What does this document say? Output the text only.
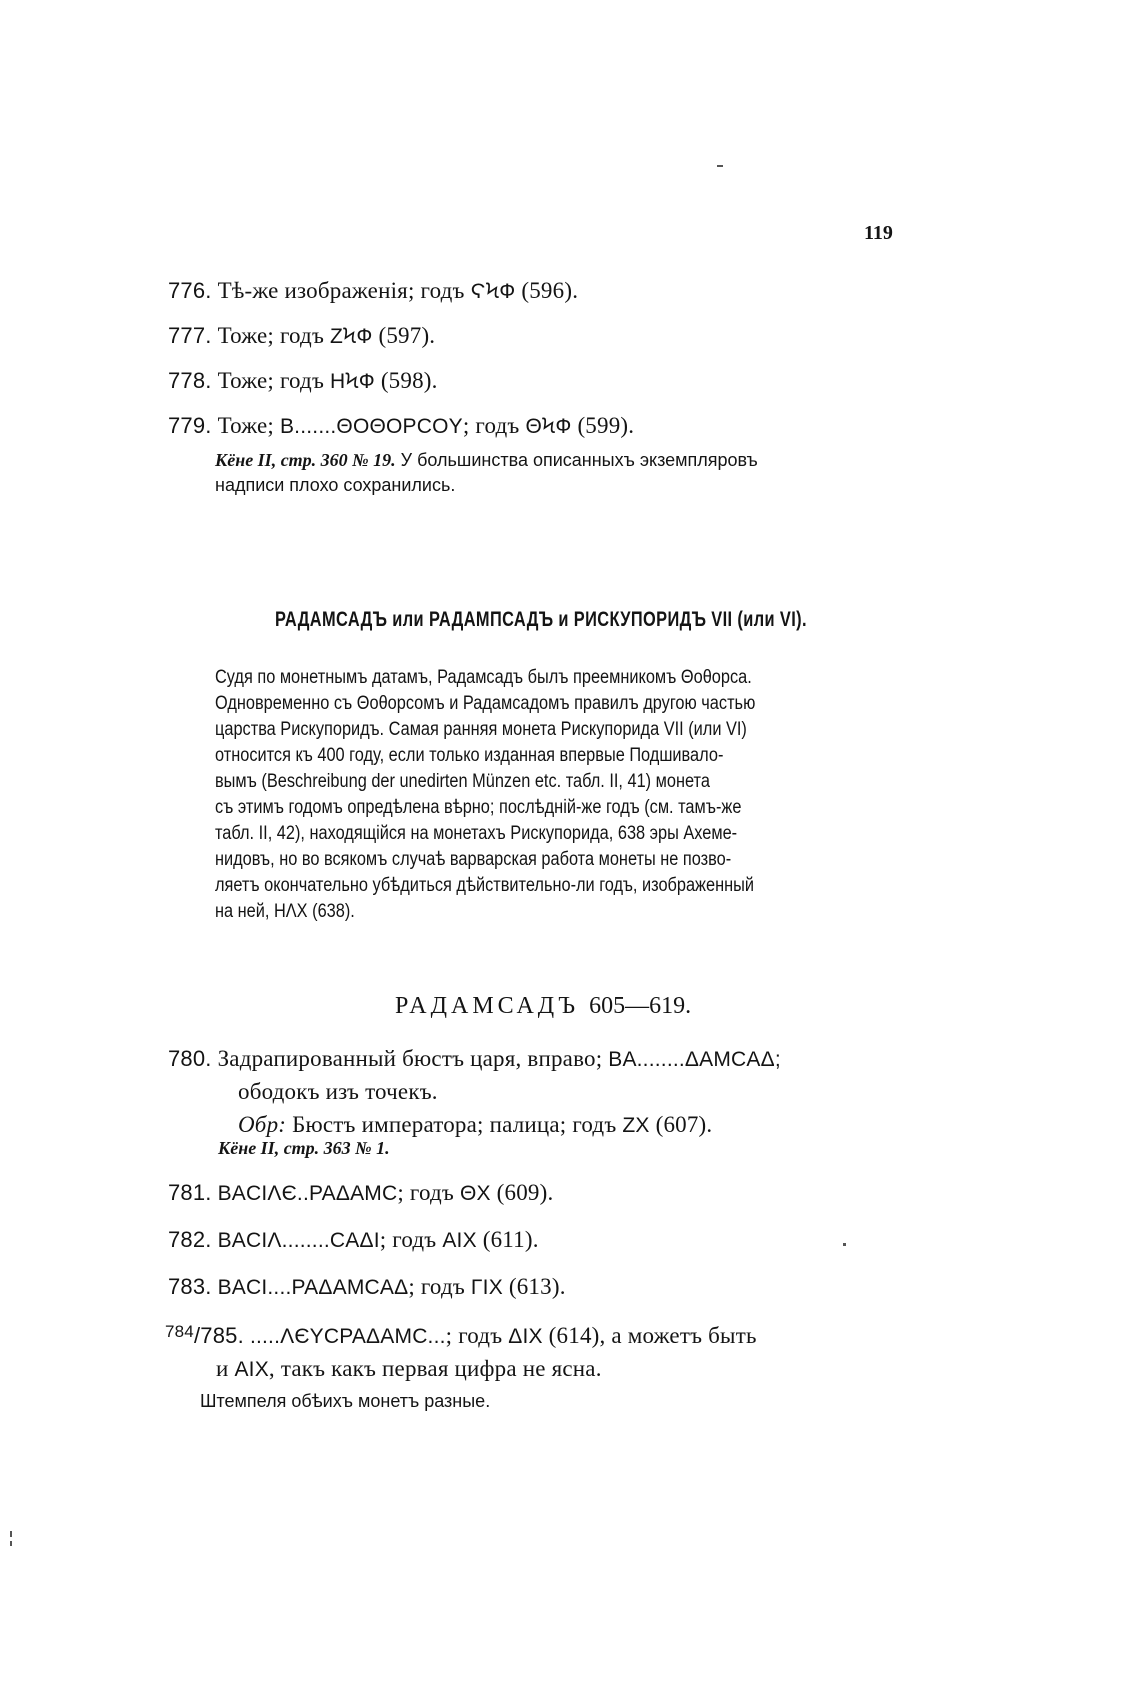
119
776. Тѣ-же изображенія; годъ ϚϞФ (596).
777. Тоже; годъ ZϞФ (597).
778. Тоже; годъ HϞФ (598).
779. Тоже; B.......ΘΟΘΟPCOY; годъ ΘϞФ (599).
Кёне II, стр. 360 № 19. У большинства описанныхъ экземпляровъ
надписи плохо сохранились.
РАДАМСАДЪ или РАДАМПСАДЪ и РИСКУПОРИДЪ VII (или VI).
Судя по монетнымъ датамъ, Радамсадъ былъ преемникомъ Θоθорса.
Одновременно съ Θоθорсомъ и Радамсадомъ правилъ другою частью
царства Рискупоридъ. Самая ранняя монета Рискупорида VII (или VI)
относится къ 400 году, если только изданная впервые Подшивало-
вымъ (Beschreibung der unedirten Münzen etc. табл. II, 41) монета
съ этимъ годомъ опредѣлена вѣрно; послѣдній-же годъ (см. тамъ-же
табл. II, 42), находящійся на монетахъ Рискупорида, 638 эры Ахеме-
нидовъ, но во всякомъ случаѣ варварская работа монеты не позво-
ляетъ окончательно убѣдиться дѣйствительно-ли годъ, изображенный
на ней, HΛX (638).
РАДАМСАДЪ 605—619.
780. Задрапированный бюстъ царя, вправо; BA........ΔΑΜCAΔ;
ободокъ изъ точекъ.
Обр: Бюстъ императора; палица; годъ ZX (607).
Кёне II, стр. 363 № 1.
781. BACIΛЄ..PAΔAMC; годъ ΘX (609).
782. BACIΛ........CAΔI; годъ AIX (611).
783. BACI....PAΔAMCAΔ; годъ ΓIX (613).
$^{784}$/785. .....ΛЄYCPAΔAMC...; годъ ΔIX (614), а можетъ быть
и AIX, такъ какъ первая цифра не ясна.
Штемпеля обѣихъ монетъ разные.
